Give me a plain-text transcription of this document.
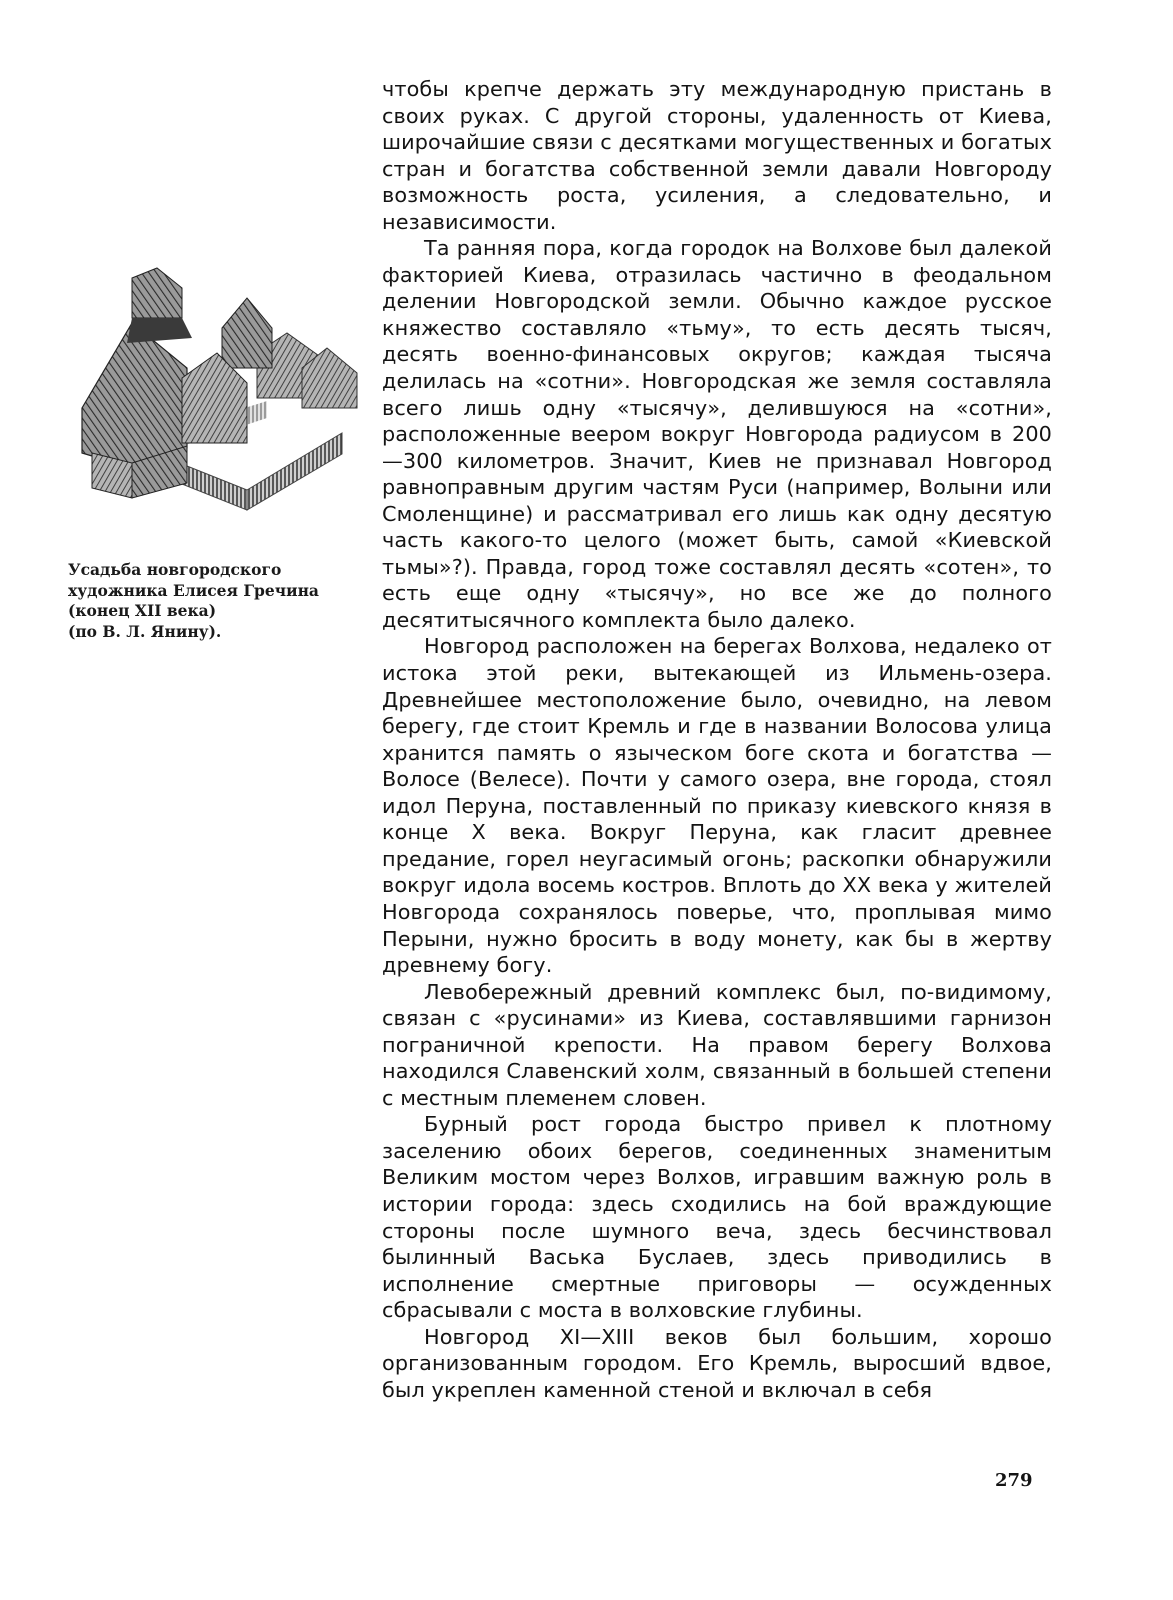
Усадьба новгородского
художника Елисея Гречина
(конец XII века)
(по В. Л. Янину).

чтобы крепче держать эту международную пристань в своих руках. С другой стороны, удаленность от Киева, широчайшие связи с десятками могущественных и богатых стран и богатства собственной земли давали Новгороду возможность роста, усиления, а следовательно, и независимости.

Та ранняя пора, когда городок на Волхове был далекой факторией Киева, отразилась частично в феодальном делении Новгородской земли. Обычно каждое русское княжество составляло «тьму», то есть десять тысяч, десять военно-финансовых округов; каждая тысяча делилась на «сотни». Новгородская же земля составляла всего лишь одну «тысячу», делившуюся на «сотни», расположенные веером вокруг Новгорода радиусом в 200—300 километров. Значит, Киев не признавал Новгород равноправным другим частям Руси (например, Волыни или Смоленщине) и рассматривал его лишь как одну десятую часть какого-то целого (может быть, самой «Киевской тьмы»?). Правда, город тоже составлял десять «сотен», то есть еще одну «тысячу», но все же до полного десятитысячного комплекта было далеко.

Новгород расположен на берегах Волхова, недалеко от истока этой реки, вытекающей из Ильмень-озера. Древнейшее местоположение было, очевидно, на левом берегу, где стоит Кремль и где в названии Волосова улица хранится память о языческом боге скота и богатства — Волосе (Велесе). Почти у самого озера, вне города, стоял идол Перуна, поставленный по приказу киевского князя в конце X века. Вокруг Перуна, как гласит древнее предание, горел неугасимый огонь; раскопки обнаружили вокруг идола восемь костров. Вплоть до XX века у жителей Новгорода сохранялось поверье, что, проплывая мимо Перыни, нужно бросить в воду монету, как бы в жертву древнему богу.

Левобережный древний комплекс был, по-видимому, связан с «русинами» из Киева, составлявшими гарнизон пограничной крепости. На правом берегу Волхова находился Славенский холм, связанный в большей степени с местным племенем словен.

Бурный рост города быстро привел к плотному заселению обоих берегов, соединенных знаменитым Великим мостом через Волхов, игравшим важную роль в истории города: здесь сходились на бой враждующие стороны после шумного веча, здесь бесчинствовал былинный Васька Буслаев, здесь приводились в исполнение смертные приговоры — осужденных сбрасывали с моста в волховские глубины.

Новгород XI—XIII веков был большим, хорошо организованным городом. Его Кремль, выросший вдвое, был укреплен каменной стеной и включал в себя

279
